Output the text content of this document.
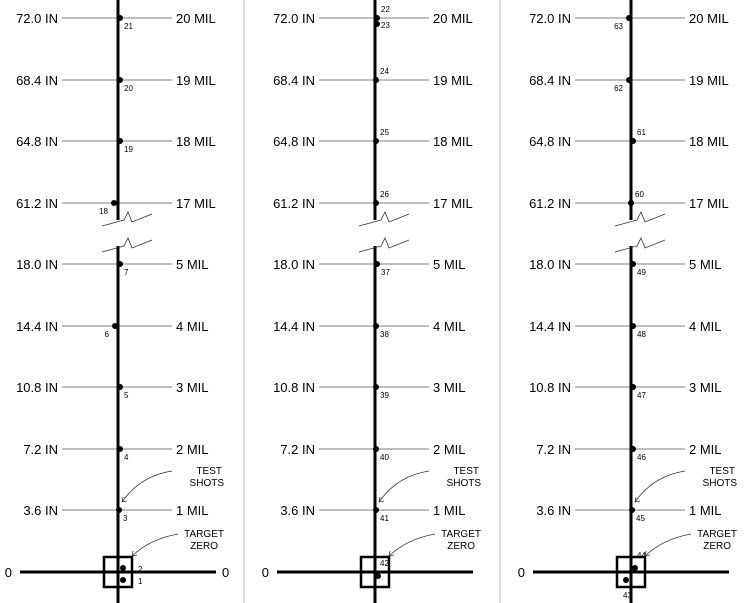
72.0 IN	20 MIL
68.4 IN	19 MIL
64.8 IN	18 MIL
61.2 IN	17 MIL
18.0 IN	5 MIL
14.4 IN	4 MIL
10.8 IN	3 MIL
7.2 IN	2 MIL
3.6 IN	1 MIL
0	0
21
20
19
18
7
6
5
4
3
2
1
TEST
SHOTS
TARGET
ZERO
72.0 IN	20 MIL
68.4 IN	19 MIL
64.8 IN	18 MIL
61.2 IN	17 MIL
18.0 IN	5 MIL
14.4 IN	4 MIL
10.8 IN	3 MIL
7.2 IN	2 MIL
3.6 IN	1 MIL
0
22
23
24
25
26
37
38
39
40
41
42
TEST
SHOTS
TARGET
ZERO
72.0 IN	20 MIL
68.4 IN	19 MIL
64.8 IN	18 MIL
61.2 IN	17 MIL
18.0 IN	5 MIL
14.4 IN	4 MIL
10.8 IN	3 MIL
7.2 IN	2 MIL
3.6 IN	1 MIL
0
63
62
61
60
49
48
47
46
45
44
43
TEST
SHOTS
TARGET
ZERO
